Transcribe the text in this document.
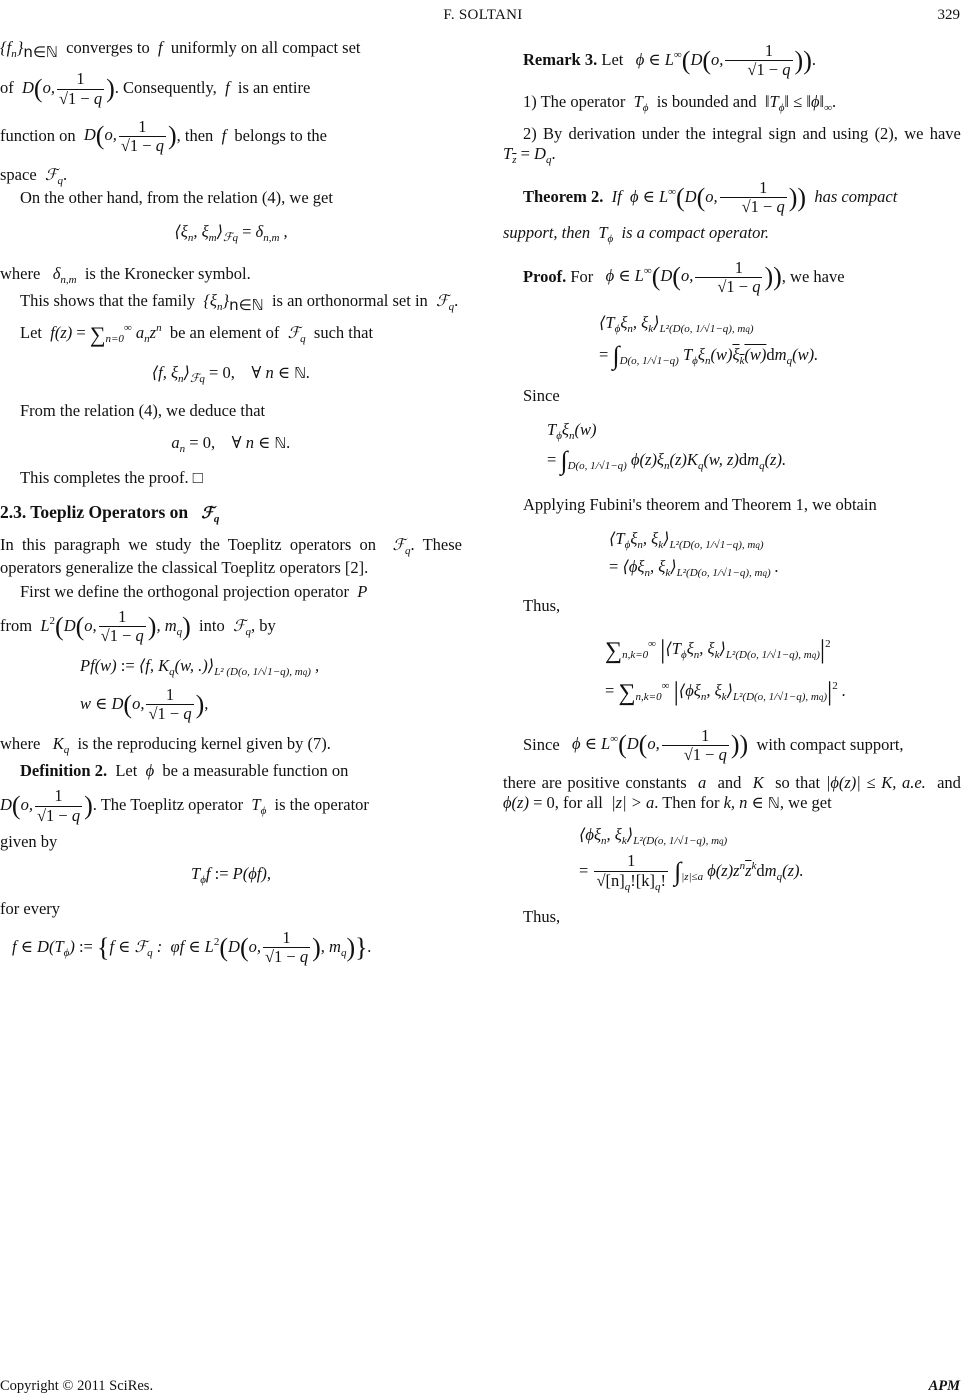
F. SOLTANI	329

$\{f_n\}n\in ℕ$ converges to f uniformly on all compact set

of D(o, $\frac{1}{√1 - q}$ ). Consequently, f is an entire

function on D(o, $\frac{1}{√1 - q}$ ), then f belongs to the

space ℱ$_q$.

On the other hand, from the relation (4), we get

$⟨\xi_n$, $\xi_m⟩_{ℱq} = \delta_{n,m}$ ,

where $\delta_{n,m}$ is the Kronecker symbol.

This shows that the family $\{\xi_n\}n\in ℕ$ is an orthonormal set in ℱ$_q$.

Let $f(z) = \sum_{n=0}^\infty$ $a_nz^n$ be an element of ℱ$_q$ such that

⟨f, $\xi_n⟩_{ℱq} = 0$, ∀ n ∈ ℕ.

From the relation (4), we deduce that

$a_n = 0$, ∀ n ∈ ℕ.

This completes the proof. □

2.3. Toepliz Operators on ℱ$_q$

In this paragraph we study the Toeplitz operators on ℱ$_q$. These operators generalize the classical Toeplitz operators [2].

First we define the orthogonal projection operator P

from $L^2(D(o$, $\frac{1}{√1 - q}$ ), $m_q$) into ℱ$_q$, by

Pf(w) := ⟨f, $K_q(w$, $.)⟩_{L^2 (D(o, 1/√1-q), mq)}$ ,
w ∈ D(o, $\frac{1}{√1 - q}$ ),

where $K_q$ is the reproducing kernel given by (7).

Definition 2. Let ϕ be a measurable function on

D(o, $\frac{1}{√1 - q}$ ). The Toeplitz operator $T_\phi$ is the operator

given by

$T_\phi f$ := P(ϕf),

for every

f ∈ $D(T_\phi)$ := {f ∈ ℱ$_q$ :  φf ∈ $L^2(D(o$, $\frac{1}{√1 - q}$ ), $m_q$)}.

Remark 3. Let ϕ ∈ L∞(D(o, $\frac{1}{√1 - q}$ )).

1) The operator $T_\phi$ is bounded and $‖T_\phi‖$ ≤ $‖\phi‖_\infty$.

2) By derivation under the integral sign and using (2), we have  $T_{\overline{z}} = D_q$.

Theorem 2. If ϕ ∈ L∞(D(o, $\frac{1}{√1 - q}$ )) has compact

support, then $T_\phi$ is a compact operator.

Proof. For ϕ ∈ L∞(D(o, $\frac{1}{√1 - q}$ )), we have

$⟨T_\phi\xi_n$, $\xi_k⟩_{L^2(D(o, 1/√1-q), mq)}$
= $\int_{D(o, 1/√1-q)}$ $T_\phi\xi_n(w)\xi_k(w)dm_q(w)$.

Since

$T_\phi\xi_n(w)$
= $\int_{D(o, 1/√1-q)}$ $\phi(z)\xi_n(z)K_q(w$, $z)dm_q(z)$.

Applying Fubini's theorem and Theorem 1, we obtain

$⟨T_\phi\xi_n$, $\xi_k⟩_{L^2(D(o, 1/√1-q), mq)}$
= $⟨\phi\xi_n$, $\xi_k⟩_{L^2(D(o, 1/√1-q), mq)}$ .

Thus,

$\sum_{n,k=0}^\infty$ $|⟨T_\phi\xi_n$, $\xi_k⟩_{L^2(D(o, 1/√1-q), mq)}|^2$
= $\sum_{n,k=0}^\infty$ $|⟨\phi\xi_n$, $\xi_k⟩_{L^2(D(o, 1/√1-q), mq)}|^2$ .

Since ϕ ∈ L∞(D(o, $\frac{1}{√1 - q}$ )) with compact support,

there are positive constants a and K so that |ϕ(z)| ≤ K, a.e. and  ϕ(z) = 0, for all |z| > a. Then for k, n ∈ ℕ, we get

$⟨\phi\xi_n$, $\xi_k⟩_{L^2(D(o, 1/√1-q), mq)}$
= $\frac{1}{√[n]_q![k]_q!} \int_{|z|\le a}$ $\phi(z)z^n\overline{z}^kdm_q(z)$.

Thus,

Copyright © 2011 SciRes.	APM
